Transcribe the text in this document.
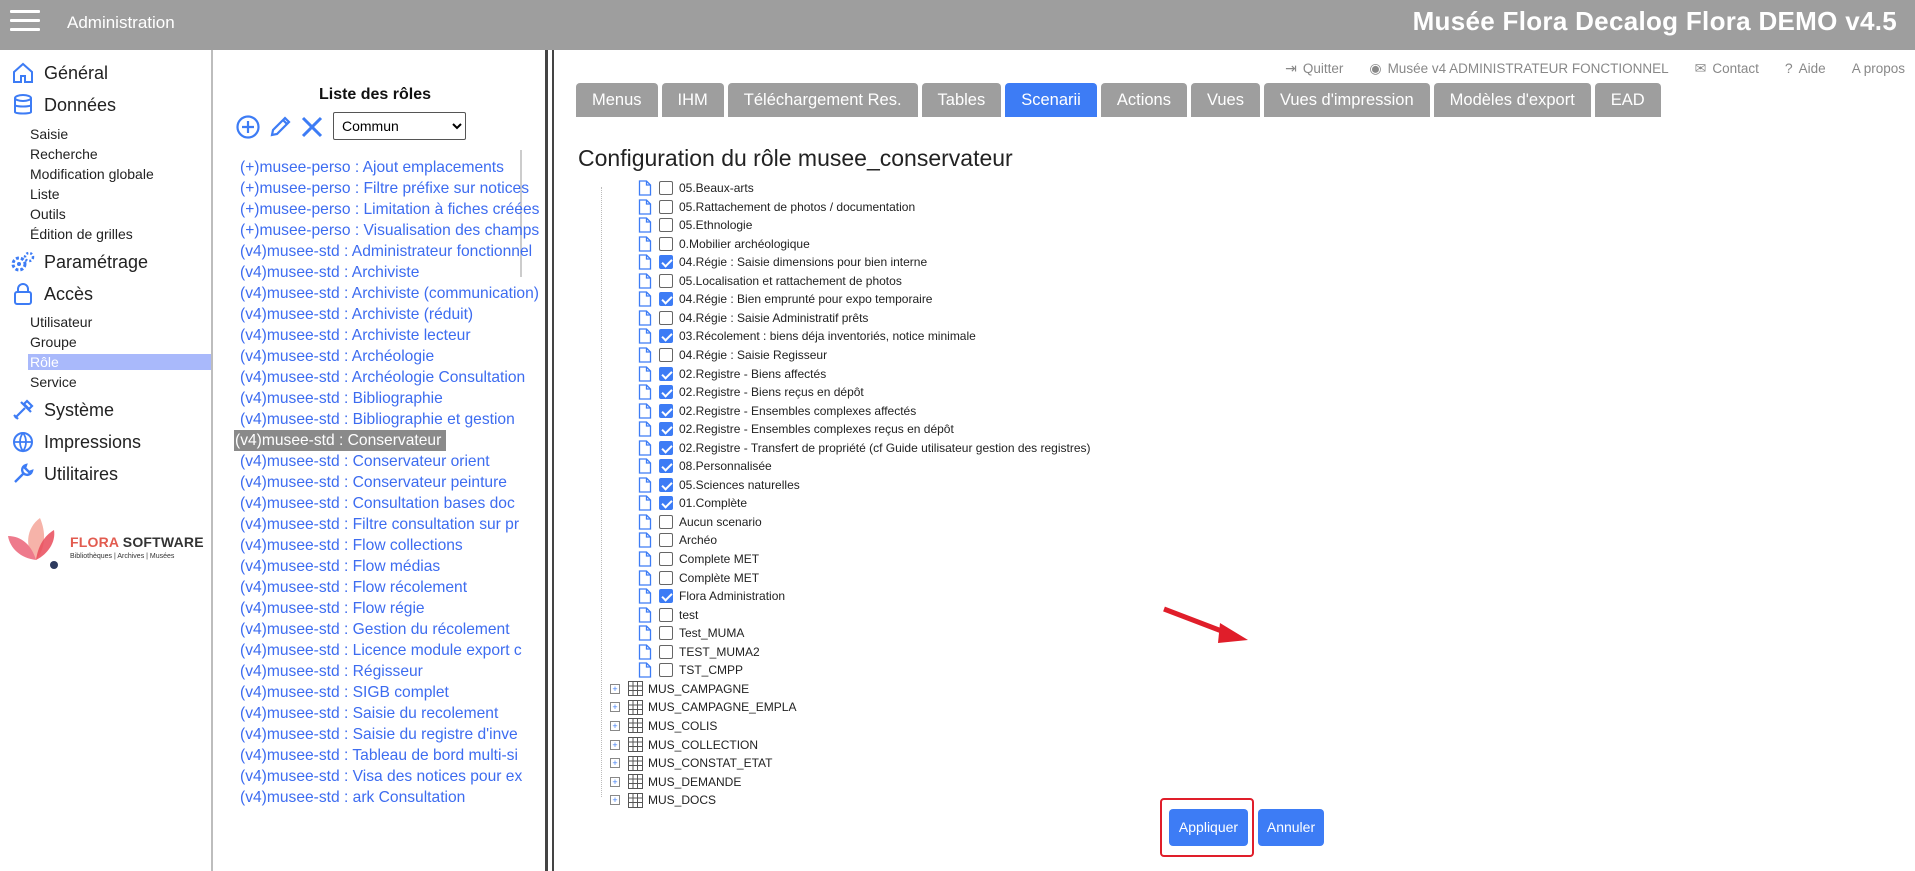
Administration	Musée Flora Decalog Flora DEMO v4.5
Général
Données
Saisie
Recherche
Modification globale
Liste
Outils
Édition de grilles
Paramétrage
Accès
Utilisateur
Groupe
Rôle
Service
Système
Impressions
Utilitaires
FLORA SOFTWARE
Bibliothèques | Archives | Musées
Liste des rôles
Commun
(+)musee-perso : Ajout emplacements
(+)musee-perso : Filtre préfixe sur notices
(+)musee-perso : Limitation à fiches créées
(+)musee-perso : Visualisation des champs
(v4)musee-std : Administrateur fonctionnel
(v4)musee-std : Archiviste
(v4)musee-std : Archiviste (communication)
(v4)musee-std : Archiviste (réduit)
(v4)musee-std : Archiviste lecteur
(v4)musee-std : Archéologie
(v4)musee-std : Archéologie Consultation
(v4)musee-std : Bibliographie
(v4)musee-std : Bibliographie et gestion
(v4)musee-std : Conservateur
(v4)musee-std : Conservateur orient
(v4)musee-std : Conservateur peinture
(v4)musee-std : Consultation bases doc
(v4)musee-std : Filtre consultation sur pr
(v4)musee-std : Flow collections
(v4)musee-std : Flow médias
(v4)musee-std : Flow récolement
(v4)musee-std : Flow régie
(v4)musee-std : Gestion du récolement
(v4)musee-std : Licence module export c
(v4)musee-std : Régisseur
(v4)musee-std : SIGB complet
(v4)musee-std : Saisie du recolement
(v4)musee-std : Saisie du registre d'inve
(v4)musee-std : Tableau de bord multi-si
(v4)musee-std : Visa des notices pour ex
(v4)musee-std : ark Consultation
⇥ Quitter ◉ Musée v4 ADMINISTRATEUR FONCTIONNEL ✉ Contact ? Aide A propos
Menus	IHM	Téléchargement Res.	Tables	Scenarii	Actions	Vues	Vues d'impression	Modèles d'export	EAD
Configuration du rôle musee_conservateur
05.Beaux-arts
05.Rattachement de photos / documentation
05.Ethnologie
0.Mobilier archéologique
04.Régie : Saisie dimensions pour bien interne
05.Localisation et rattachement de photos
04.Régie : Bien emprunté pour expo temporaire
04.Régie : Saisie Administratif prêts
03.Récolement : biens déja inventoriés, notice minimale
04.Régie : Saisie Regisseur
02.Registre - Biens affectés
02.Registre - Biens reçus en dépôt
02.Registre - Ensembles complexes affectés
02.Registre - Ensembles complexes reçus en dépôt
02.Registre - Transfert de propriété (cf Guide utilisateur gestion des registres)
08.Personnalisée
05.Sciences naturelles
01.Complète
Aucun scenario
Archéo
Complete MET
Complète MET
Flora Administration
test
Test_MUMA
TEST_MUMA2
TST_CMPP
+	MUS_CAMPAGNE
+	MUS_CAMPAGNE_EMPLA
+	MUS_COLIS
+	MUS_COLLECTION
+	MUS_CONSTAT_ETAT
+	MUS_DEMANDE
+	MUS_DOCS
Appliquer	Annuler
